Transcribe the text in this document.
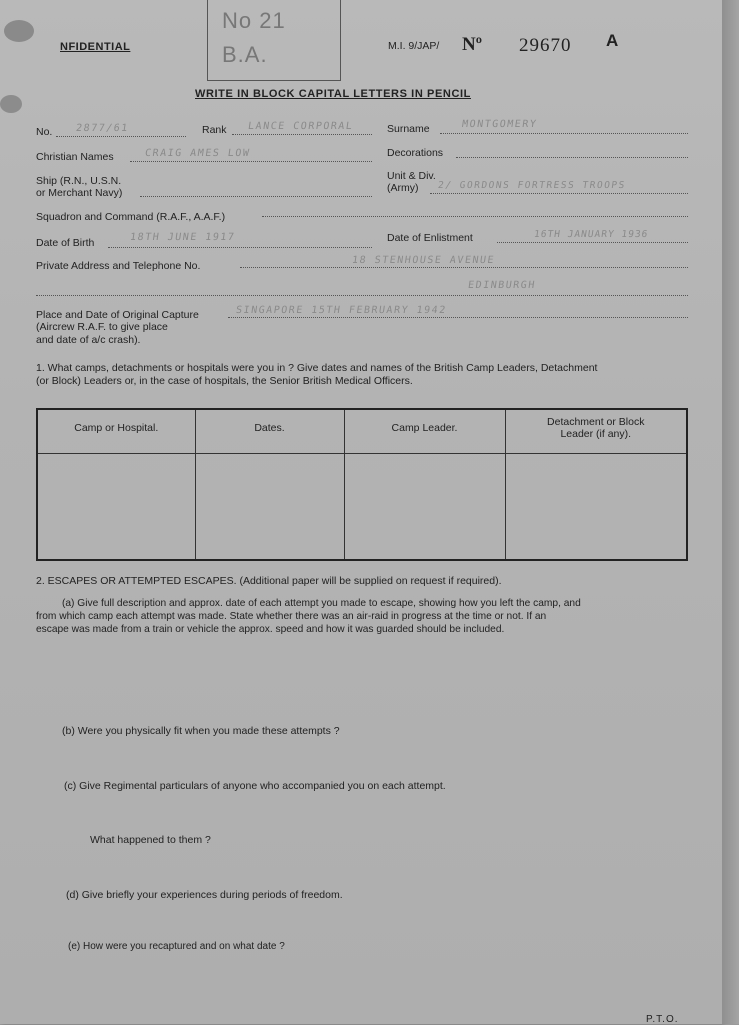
NFIDENTIAL
No 21
B.A.	M.I. 9/JAP/ Nº 29670 A
WRITE IN BLOCK CAPITAL LETTERS IN PENCIL
No. 2877/61	Rank LANCE CORPORAL	Surname	MONTGOMERY
Christian Names	CRAIG AMES LOW	Decorations
Ship (R.N., U.S.N.
or Merchant Navy)
Unit & Div.
(Army) 2/ GORDONS FORTRESS TROOPS
Squadron and Command (R.A.F., A.A.F.)
Date of Birth	18TH JUNE 1917	Date of Enlistment	16TH JANUARY 1936
Private Address and Telephone No.	18 STENHOUSE AVENUE
EDINBURGH
Place and Date of Original Capture
(Aircrew R.A.F. to give place
and date of a/c crash).
SINGAPORE 15TH FEBRUARY 1942
1. What camps, detachments or hospitals were you in ? Give dates and names of the British Camp Leaders, Detachment
(or Block) Leaders or, in the case of hospitals, the Senior British Medical Officers.
Camp or Hospital.	Dates.	Camp Leader.	Detachment or Block
Leader (if any).

2. ESCAPES OR ATTEMPTED ESCAPES. (Additional paper will be supplied on request if required).
(a) Give full description and approx. date of each attempt you made to escape, showing how you left the camp, and
from which camp each attempt was made. State whether there was an air-raid in progress at the time or not. If an
escape was made from a train or vehicle the approx. speed and how it was guarded should be included.
(b) Were you physically fit when you made these attempts ?
(c) Give Regimental particulars of anyone who accompanied you on each attempt.
What happened to them ?
(d) Give briefly your experiences during periods of freedom.
(e) How were you recaptured and on what date ?
P.T.O.
